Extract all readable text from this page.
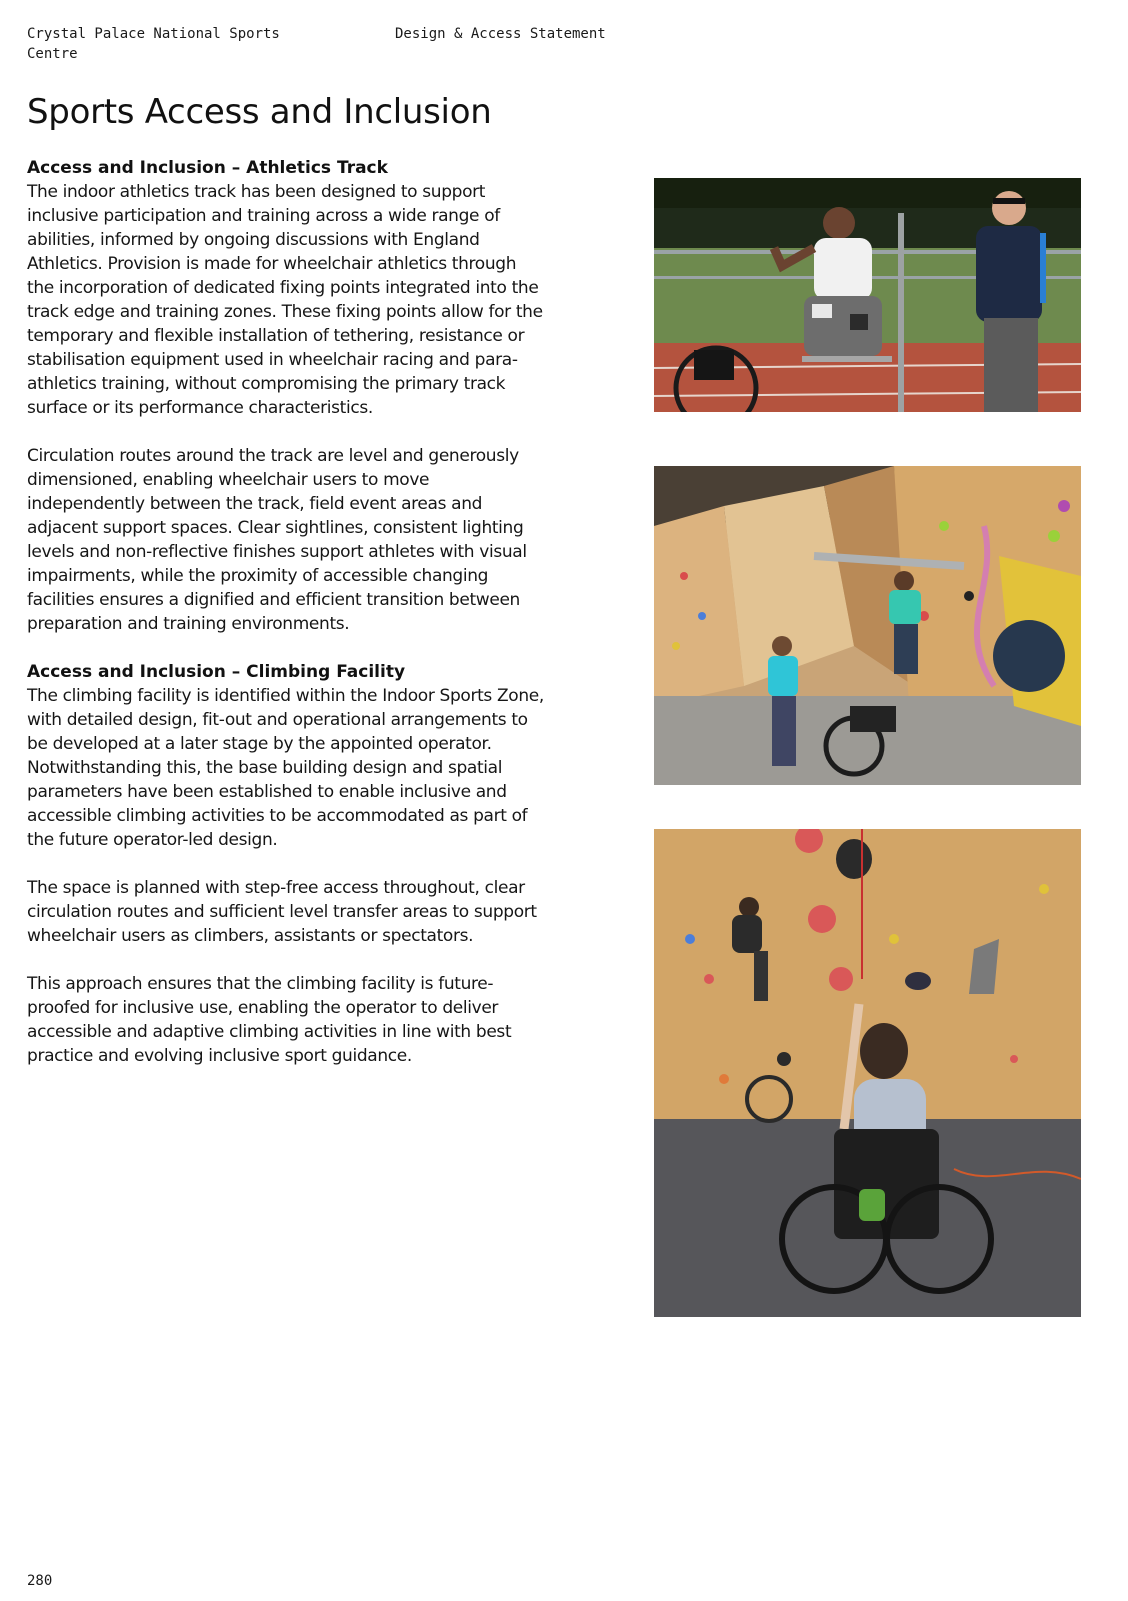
Crystal Palace National Sports Centre
Design & Access Statement
Sports Access and Inclusion
Access and Inclusion – Athletics Track

The indoor athletics track has been designed to support inclusive participation and training across a wide range of abilities, informed by ongoing discussions with England Athletics. Provision is made for wheelchair athletics through the incorporation of dedicated fixing points integrated into the track edge and training zones. These fixing points allow for the temporary and flexible installation of tethering, resistance or stabilisation equipment used in wheelchair racing and para-athletics training, without compromising the primary track surface or its performance characteristics.

Circulation routes around the track are level and generously dimensioned, enabling wheelchair users to move independently between the track, field event areas and adjacent support spaces. Clear sightlines, consistent lighting levels and non-reflective finishes support athletes with visual impairments, while the proximity of accessible changing facilities ensures a dignified and efficient transition between preparation and training environments.

Access and Inclusion – Climbing Facility

The climbing facility is identified within the Indoor Sports Zone, with detailed design, fit-out and operational arrangements to be developed at a later stage by the appointed operator. Notwithstanding this, the base building design and spatial parameters have been established to enable inclusive and accessible climbing activities to be accommodated as part of the future operator-led design.

The space is planned with step-free access throughout, clear circulation routes and sufficient level transfer areas to support wheelchair users as climbers, assistants or spectators.

This approach ensures that the climbing facility is future-proofed for inclusive use, enabling the operator to deliver accessible and adaptive climbing activities in line with best practice and evolving inclusive sport guidance.

280
